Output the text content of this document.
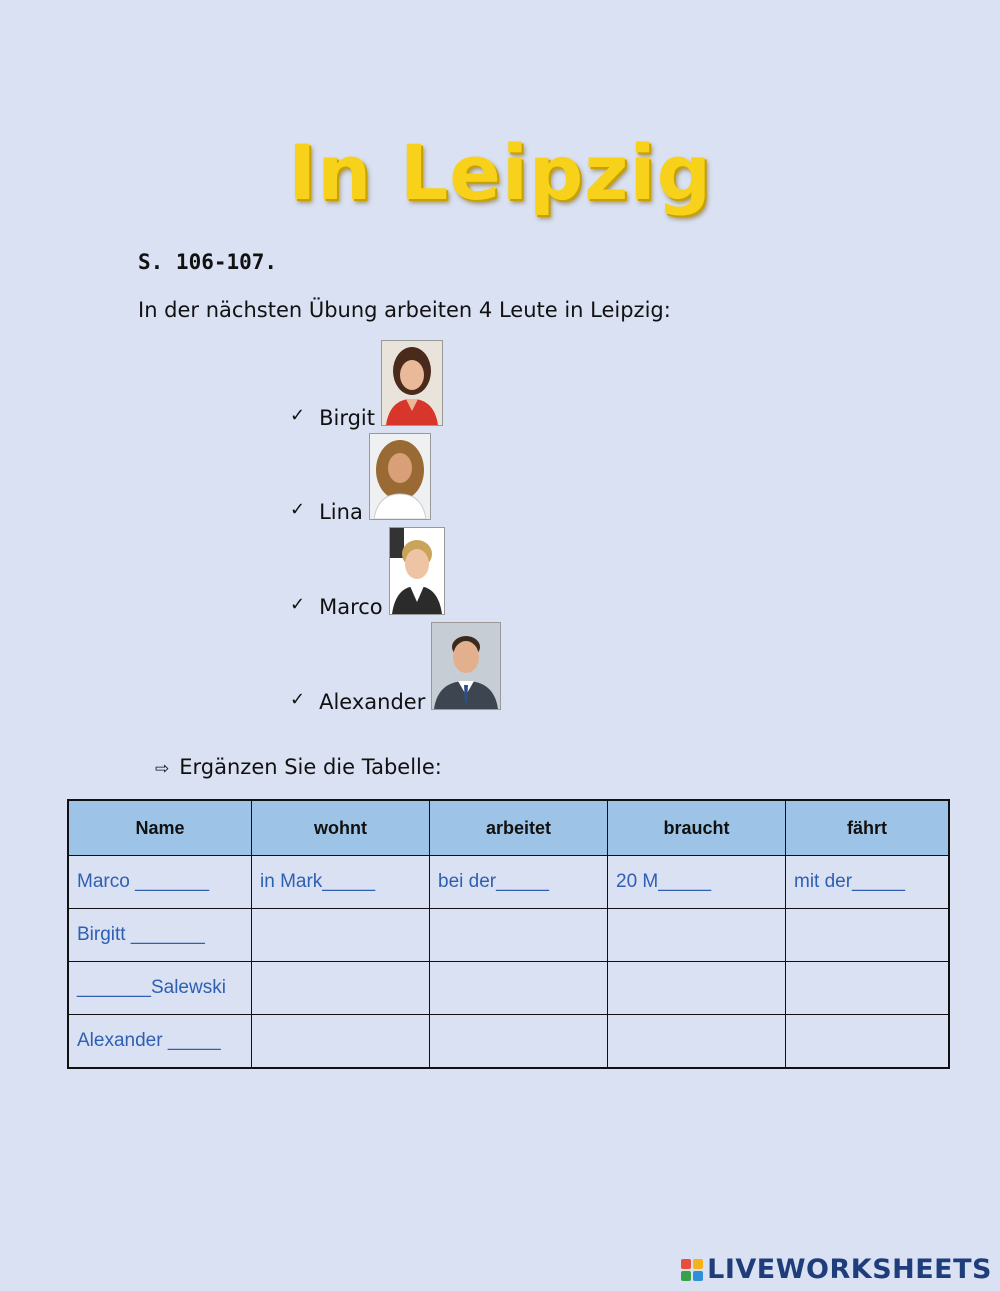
In Leipzig
S. 106-107.
In der nächsten Übung arbeiten 4 Leute in Leipzig:
✓ Birgit
✓ Lina
✓ Marco
✓ Alexander
⇨ Ergänzen Sie die Tabelle:
Name	wohnt	arbeitet	braucht	fährt
Marco _______	in Mark_____	bei der_____	20 M_____	mit der_____
Birgitt _______				
_______Salewski				
Alexander _____				
LIVEWORKSHEETS
